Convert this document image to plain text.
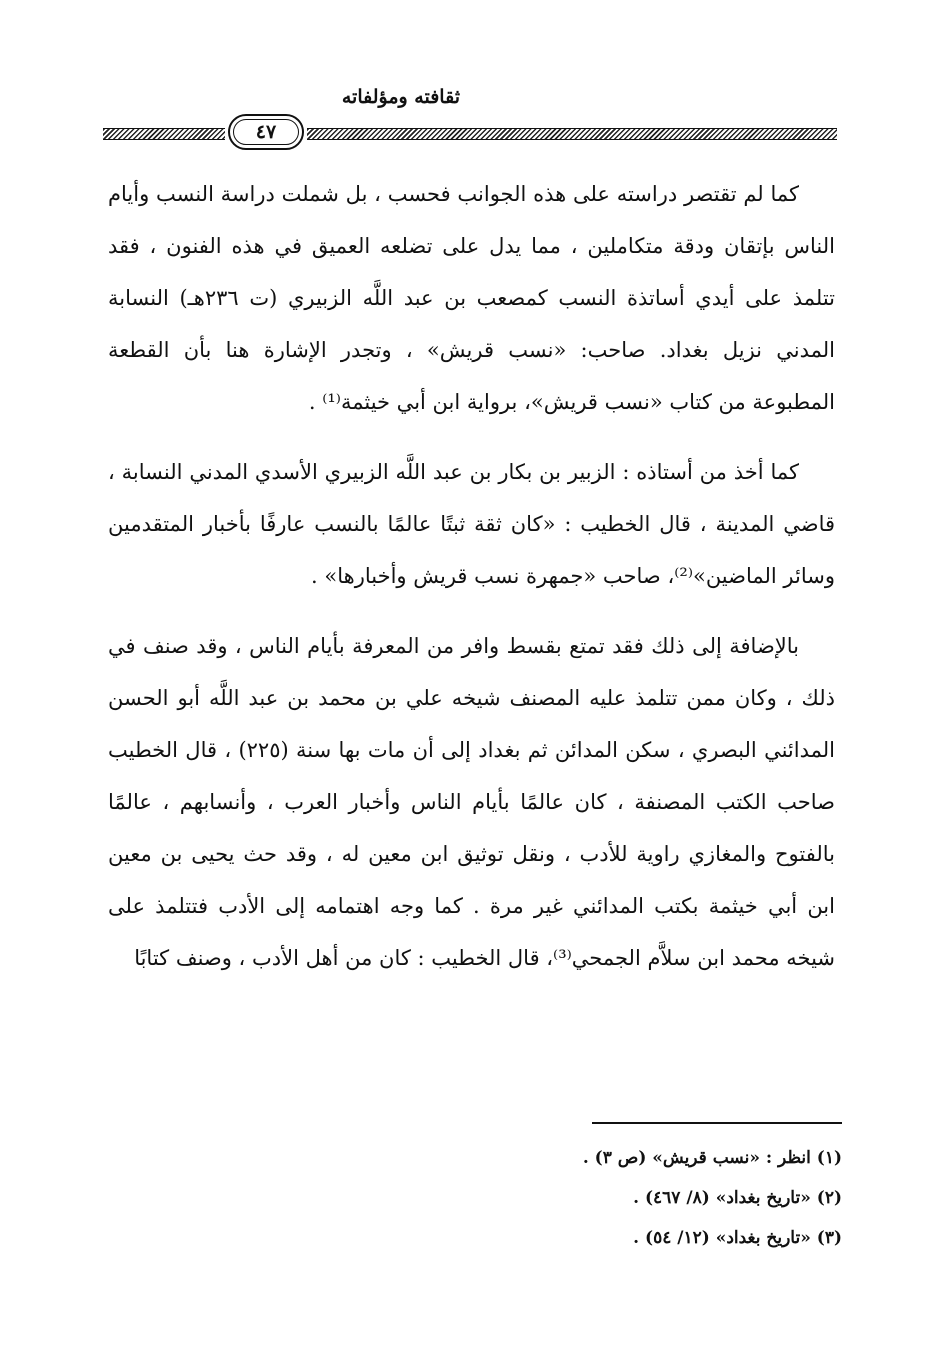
ثقافته ومؤلفاته
٤٧

كما لم تقتصر دراسته على هذه الجوانب فحسب ، بل شملت دراسة النسب وأيام الناس بإتقان ودقة متكاملين ، مما يدل على تضلعه العميق في هذه الفنون ، فقد تتلمذ على أيدي أساتذة النسب كمصعب بن عبد اللَّه الزبيري (ت ٢٣٦هـ) النسابة المدني نزيل بغداد. صاحب: «نسب قريش» ، وتجدر الإشارة هنا بأن القطعة المطبوعة من كتاب «نسب قريش»، برواية ابن أبي خيثمة⁽¹⁾ .

كما أخذ من أستاذه : الزبير بن بكار بن عبد اللَّه الزبيري الأسدي المدني النسابة ، قاضي المدينة ، قال الخطيب : «كان ثقة ثبتًا عالمًا بالنسب عارفًا بأخبار المتقدمين وسائر الماضين»⁽²⁾، صاحب «جمهرة نسب قريش وأخبارها» .

بالإضافة إلى ذلك فقد تمتع بقسط وافر من المعرفة بأيام الناس ، وقد صنف في ذلك ، وكان ممن تتلمذ عليه المصنف شيخه علي بن محمد بن عبد اللَّه أبو الحسن المدائني البصري ، سكن المدائن ثم بغداد إلى أن مات بها سنة (٢٢٥) ، قال الخطيب صاحب الكتب المصنفة ، كان عالمًا بأيام الناس وأخبار العرب ، وأنسابهم ، عالمًا بالفتوح والمغازي راوية للأدب ، ونقل توثيق ابن معين له ، وقد حث يحيى بن معين ابن أبي خيثمة بكتب المدائني غير مرة . كما وجه اهتمامه إلى الأدب فتتلمذ على شيخه محمد ابن سلاَّم الجمحي⁽³⁾، قال الخطيب : كان من أهل الأدب ، وصنف كتابًا

(١) انظر : «نسب قريش» (ص ٣) .

(٢) «تاريخ بغداد» (٨/ ٤٦٧) .

(٣) «تاريخ بغداد» (١٢/ ٥٤) .
